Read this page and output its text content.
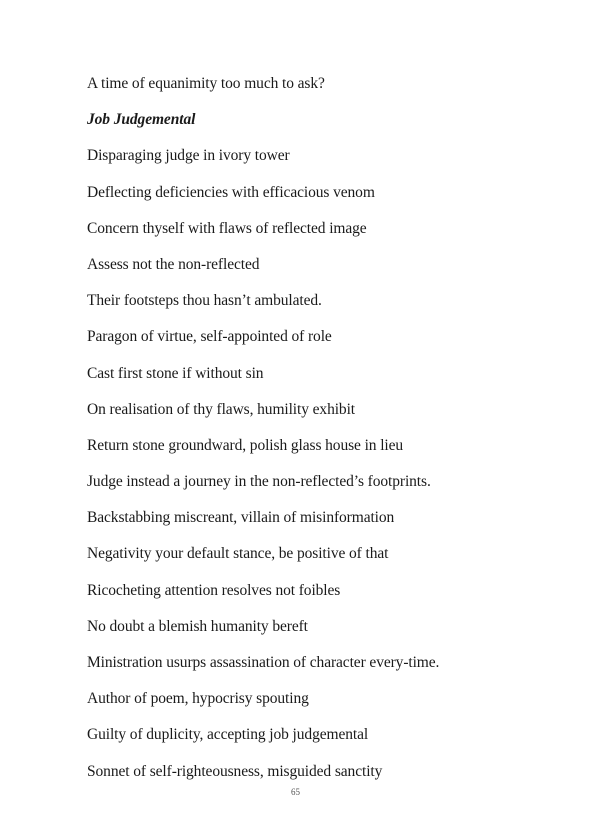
A time of equanimity too much to ask?
Job Judgemental
Disparaging judge in ivory tower
Deflecting deficiencies with efficacious venom
Concern thyself with flaws of reflected image
Assess not the non-reflected
Their footsteps thou hasn’t ambulated.
Paragon of virtue, self-appointed of role
Cast first stone if without sin
On realisation of thy flaws, humility exhibit
Return stone groundward, polish glass house in lieu
Judge instead a journey in the non-reflected’s footprints.
Backstabbing miscreant, villain of misinformation
Negativity your default stance, be positive of that
Ricocheting attention resolves not foibles
No doubt a blemish humanity bereft
Ministration usurps assassination of character every-time.
Author of poem, hypocrisy spouting
Guilty of duplicity, accepting job judgemental
Sonnet of self-righteousness, misguided sanctity
65
